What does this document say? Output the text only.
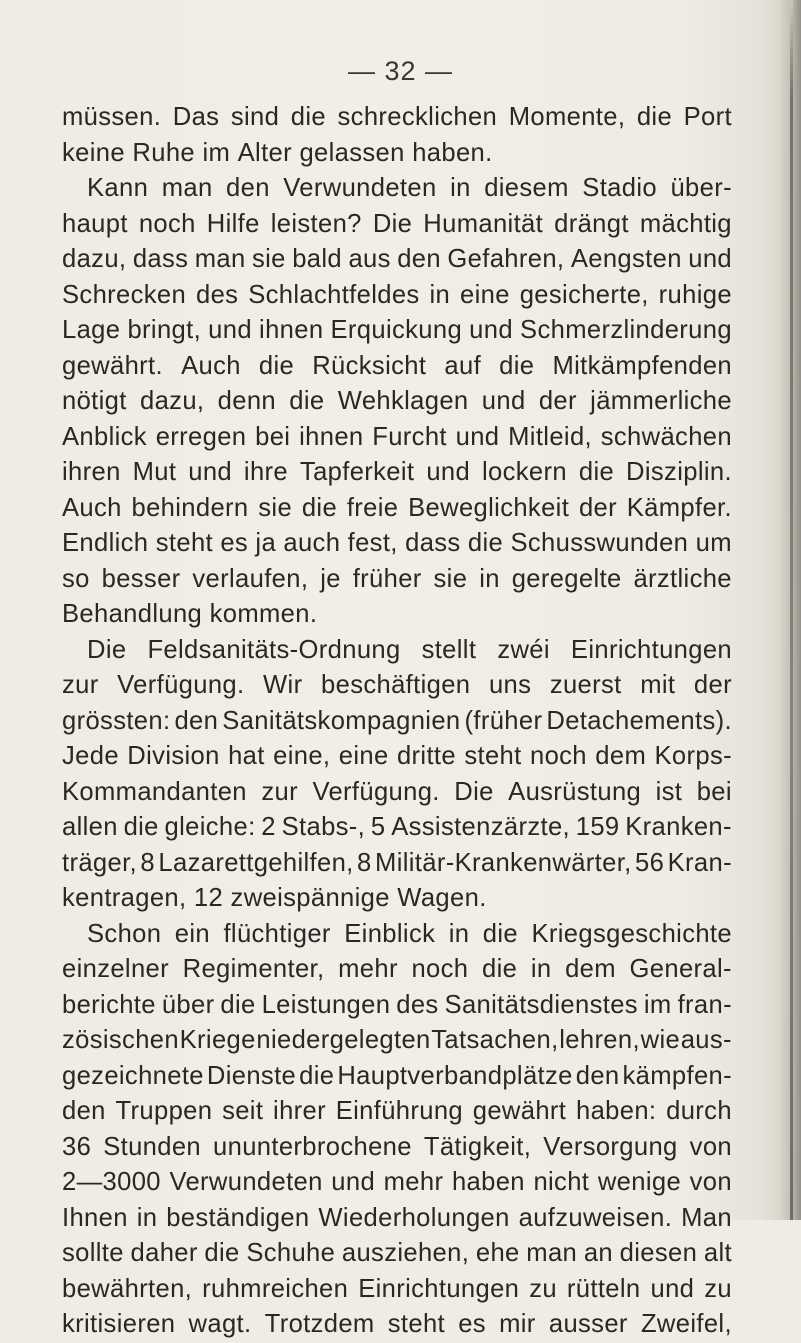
— 32 —
müssen. Das sind die schrecklichen Momente, die Port
keine Ruhe im Alter gelassen haben.
Kann man den Verwundeten in diesem Stadio über-
haupt noch Hilfe leisten? Die Humanität drängt mächtig
dazu, dass man sie bald aus den Gefahren, Aengsten und
Schrecken des Schlachtfeldes in eine gesicherte, ruhige
Lage bringt, und ihnen Erquickung und Schmerzlinderung
gewährt. Auch die Rücksicht auf die Mitkämpfenden
nötigt dazu, denn die Wehklagen und der jämmerliche
Anblick erregen bei ihnen Furcht und Mitleid, schwächen
ihren Mut und ihre Tapferkeit und lockern die Disziplin.
Auch behindern sie die freie Beweglichkeit der Kämpfer.
Endlich steht es ja auch fest, dass die Schusswunden um
so besser verlaufen, je früher sie in geregelte ärztliche
Behandlung kommen.
Die Feldsanitäts-Ordnung stellt zwéi Einrichtungen
zur Verfügung. Wir beschäftigen uns zuerst mit der
grössten: den Sanitätskompagnien (früher Detachements).
Jede Division hat eine, eine dritte steht noch dem Korps-
Kommandanten zur Verfügung. Die Ausrüstung ist bei
allen die gleiche: 2 Stabs-, 5 Assistenzärzte, 159 Kranken-
träger, 8 Lazarettgehilfen, 8 Militär-Krankenwärter, 56 Kran-
kentragen, 12 zweispännige Wagen.
Schon ein flüchtiger Einblick in die Kriegsgeschichte
einzelner Regimenter, mehr noch die in dem General-
berichte über die Leistungen des Sanitätsdienstes im fran-
zösischen Kriege niedergelegten Tatsachen, lehren, wie aus-
gezeichnete Dienste die Hauptverbandplätze den kämpfen-
den Truppen seit ihrer Einführung gewährt haben: durch
36 Stunden ununterbrochene Tätigkeit, Versorgung von
2—3000 Verwundeten und mehr haben nicht wenige von
Ihnen in beständigen Wiederholungen aufzuweisen. Man
sollte daher die Schuhe ausziehen, ehe man an diesen alt
bewährten, ruhmreichen Einrichtungen zu rütteln und zu
kritisieren wagt. Trotzdem steht es mir ausser Zweifel,
